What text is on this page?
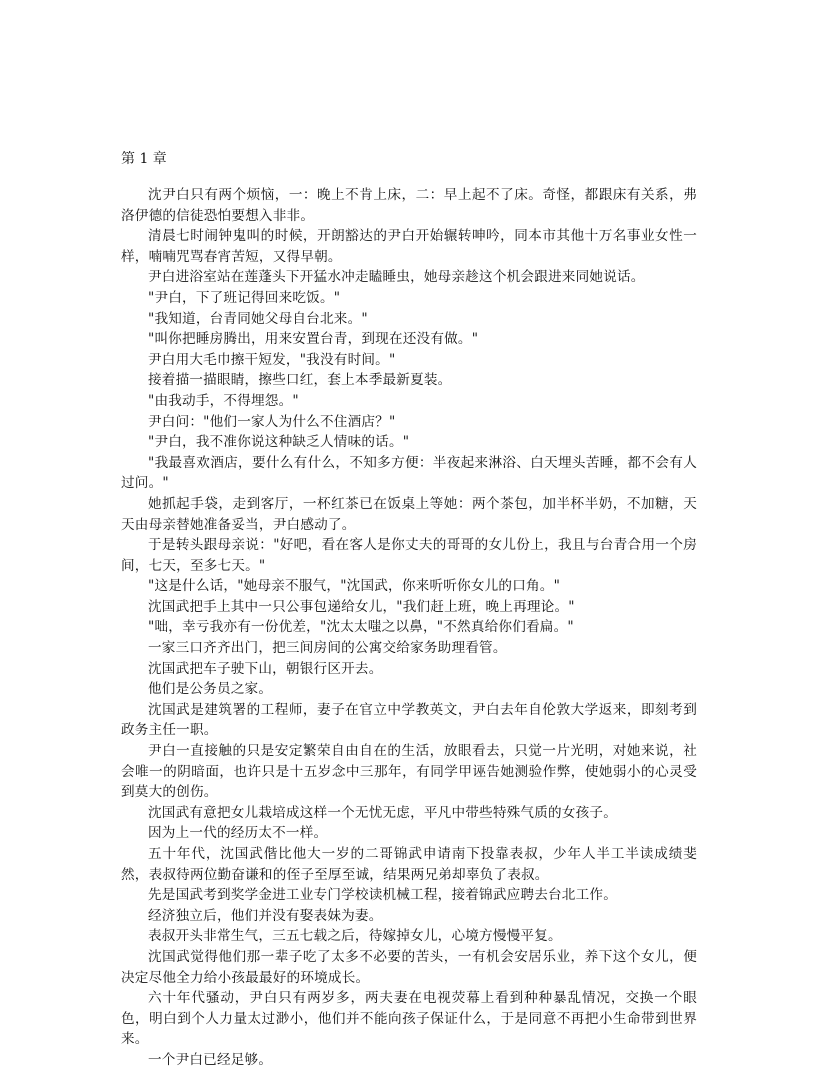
第 1 章

沈尹白只有两个烦恼，一：晚上不肯上床，二：早上起不了床。奇怪，都跟床有关系，弗洛伊德的信徒恐怕要想入非非。

清晨七时闹钟鬼叫的时候，开朗豁达的尹白开始辗转呻吟，同本市其他十万名事业女性一样，喃喃咒骂春宵苦短，又得早朝。

尹白进浴室站在莲蓬头下开猛水冲走瞌睡虫，她母亲趁这个机会跟进来同她说话。

"尹白，下了班记得回来吃饭。"

"我知道，台青同她父母自台北来。"

"叫你把睡房腾出，用来安置台青，到现在还没有做。"

尹白用大毛巾擦干短发，"我没有时间。"

接着描一描眼睛，擦些口红，套上本季最新夏装。

"由我动手，不得埋怨。"

尹白问："他们一家人为什么不住酒店？"

"尹白，我不准你说这种缺乏人情味的话。"

"我最喜欢酒店，要什么有什么，不知多方便：半夜起来淋浴、白天埋头苦睡，都不会有人过问。"

她抓起手袋，走到客厅，一杯红茶已在饭桌上等她：两个茶包，加半杯半奶，不加糖，天天由母亲替她准备妥当，尹白感动了。

于是转头跟母亲说："好吧，看在客人是你丈夫的哥哥的女儿份上，我且与台青合用一个房间，七天，至多七天。"

"这是什么话，"她母亲不服气，"沈国武，你来听听你女儿的口角。"

沈国武把手上其中一只公事包递给女儿，"我们赶上班，晚上再理论。"

"咄，幸亏我亦有一份优差，"沈太太嗤之以鼻，"不然真给你们看扁。"

一家三口齐齐出门，把三间房间的公寓交给家务助理看管。

沈国武把车子驶下山，朝银行区开去。

他们是公务员之家。

沈国武是建筑署的工程师，妻子在官立中学教英文，尹白去年自伦敦大学返来，即刻考到政务主任一职。

尹白一直接触的只是安定繁荣自由自在的生活，放眼看去，只觉一片光明，对她来说，社会唯一的阴暗面，也许只是十五岁念中三那年，有同学甲诬告她测验作弊，使她弱小的心灵受到莫大的创伤。

沈国武有意把女儿栽培成这样一个无忧无虑，平凡中带些特殊气质的女孩子。

因为上一代的经历太不一样。

五十年代，沈国武偕比他大一岁的二哥锦武申请南下投靠表叔，少年人半工半读成绩斐然，表叔待两位勤奋谦和的侄子至厚至诚，结果两兄弟却辜负了表叔。

先是国武考到奖学金进工业专门学校读机械工程，接着锦武应聘去台北工作。

经济独立后，他们并没有娶表妹为妻。

表叔开头非常生气，三五七载之后，待嫁掉女儿，心境方慢慢平复。

沈国武觉得他们那一辈子吃了太多不必要的苦头，一有机会安居乐业，养下这个女儿，便决定尽他全力给小孩最最好的环境成长。

六十年代骚动，尹白只有两岁多，两夫妻在电视荧幕上看到种种暴乱情况，交换一个眼色，明白到个人力量太过渺小，他们并不能向孩子保证什么，于是同意不再把小生命带到世界来。

一个尹白已经足够。
